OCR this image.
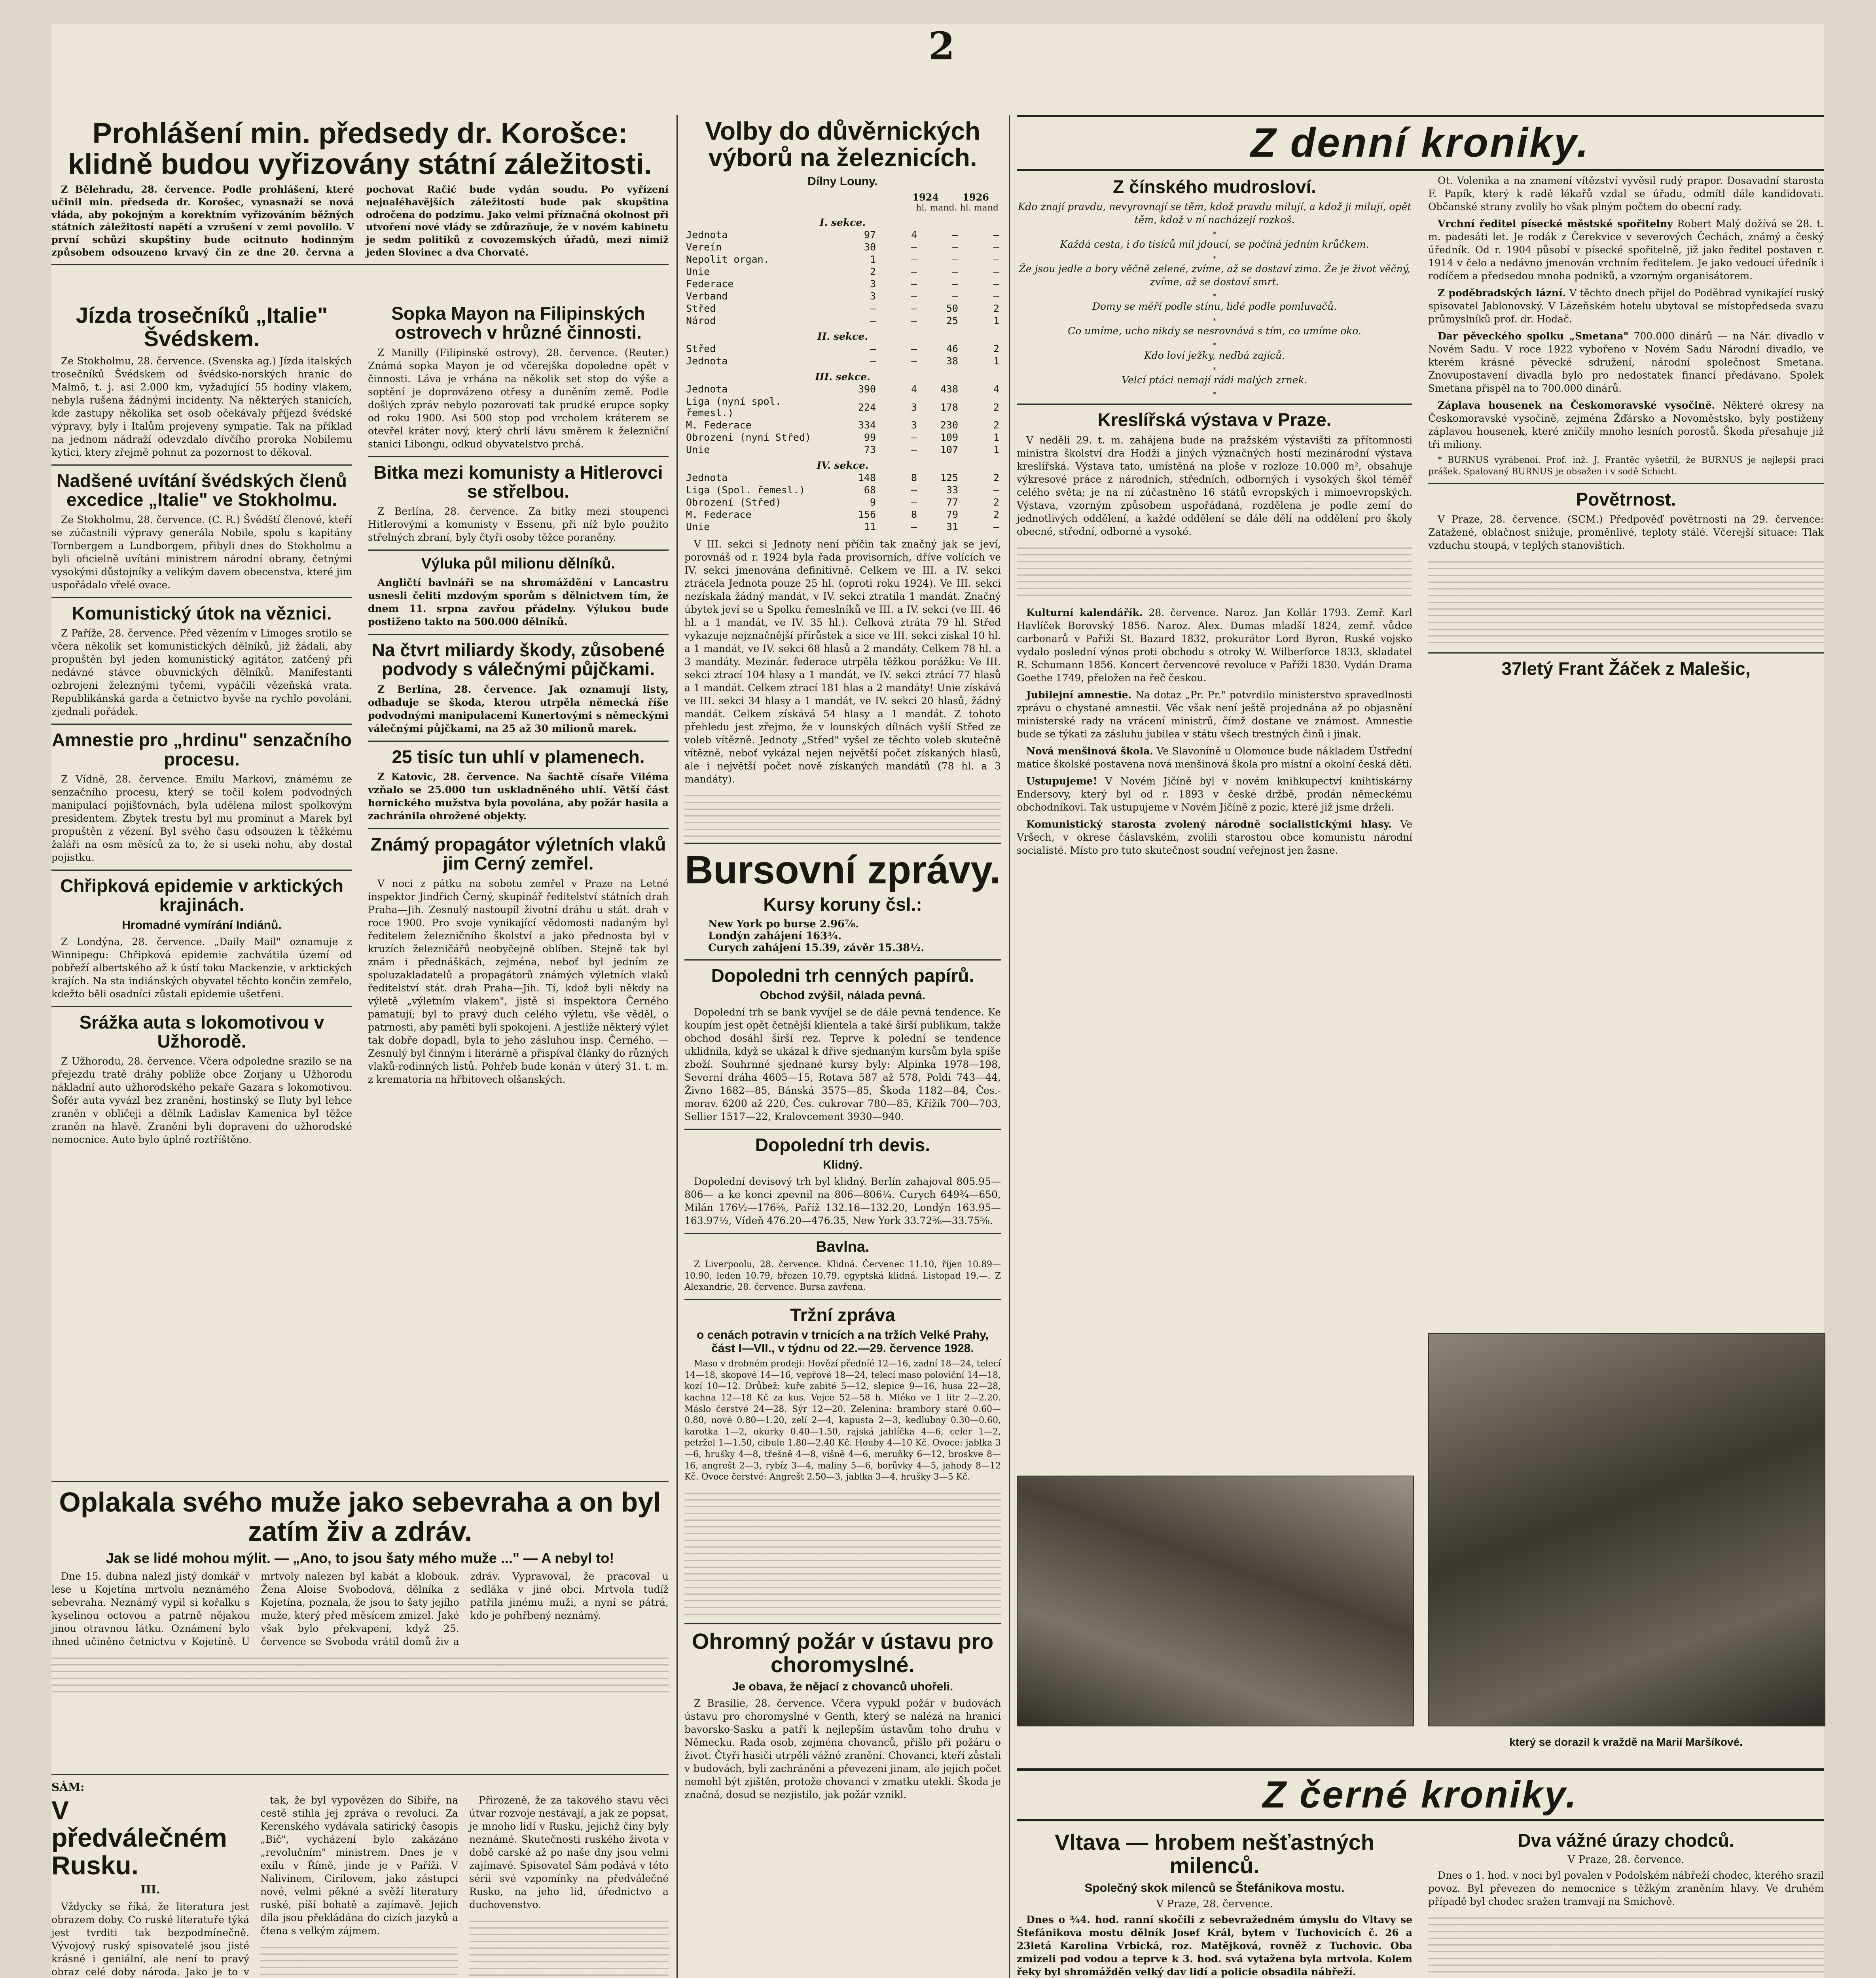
2
Prohlášení min. předsedy dr. Korošce: klidně budou vyřizovány státní záležitosti.
Z Bělehradu, 28. července. Podle prohlášení, které učinil min. předseda dr. Korošec, vynasnaží se nová vláda, aby pokojným a korektním vyřizováním běžných státních záležitostí napětí a vzrušení v zemi povolilo. V první schůzi skupštiny bude ocitnuto hodinným způsobem odsouzeno krvavý čin ze dne 20. června a pochovat Račić bude vydán soudu. Po vyřízení nejnaléhavějších záležitostí bude pak skupština odročena do podzimu. Jako velmi příznačná okolnost při utvoření nové vlády se zdůrazňuje, že v novém kabinetu je sedm politiků z covozemských úřadů, mezi nimiž jeden Slovinec a dva Chorvaté.
Jízda trosečníků „Italie" Švédskem.

Ze Stokholmu, 28. července. (Svenska ag.) Jízda italských trosečníků Švédskem od švédsko-norských hranic do Malmö, t. j. asi 2.000 km, vyžadující 55 hodiny vlakem, nebyla rušena žádnými incidenty. Na některých stanicích, kde zastupy několika set osob očekávaly příjezd švédské výpravy, byly i Italům projeveny sympatie. Tak na příklad na jednom nádraží odevzdalo dívčího proroka Nobilemu kytici, ktery zřejmě pohnut za pozornost to děkoval.

Nadšené uvítání švédských členů excedice „Italie" ve Stokholmu.

Ze Stokholmu, 28. července. (C. R.) Švédští členové, kteří se zúčastnili výpravy generála Nobile, spolu s kapitány Tornbergem a Lundborgem, přibyli dnes do Stokholmu a byli oficielně uvítáni ministrem národní obrany, četnými vysokými důstojníky a velikým davem obecenstva, které jim uspořádalo vřelé ovace.

Komunistický útok na věznici.

Z Paříže, 28. července. Před vězením v Limoges srotilo se včera několik set komunistických dělníků, již žádali, aby propuštěn byl jeden komunistický agitátor, zatčený při nedávné stávce obuvnických dělníků. Manifestanti ozbrojeni železnými tyčemi, vypáčili vězeňská vrata. Republikánská garda a četnictvo byvše na rychlo povoláni, zjednali pořádek.

Amnestie pro „hrdinu" senzačního procesu.

Z Vídně, 28. července. Emilu Markovi, známému ze senzačního procesu, který se točil kolem podvodných manipulací pojišťovnách, byla udělena milost spolkovým presidentem. Zbytek trestu byl mu prominut a Marek byl propuštěn z vězení. Byl svého času odsouzen k těžkému žaláři na osm měsíců za to, že si useki nohu, aby dostal pojistku.

Chřipková epidemie v arktických krajinách.
Hromadné vymírání Indiánů.

Z Londýna, 28. července. „Daily Mail" oznamuje z Winnipegu: Chřipková epidemie zachvátila území od pobřeží albertského až k ústí toku Mackenzie, v arktických krajích. Na sta indiánských obyvatel těchto končin zemřelo, kdežto běli osadníci zůstali epidemie ušetřeni.

Srážka auta s lokomotivou v Užhorodě.

Z Užhorodu, 28. července. Včera odpoledne srazilo se na přejezdu tratě dráhy poblíže obce Zorjany u Užhorodu nákladní auto užhorodského pekaře Gazara s lokomotivou. Šofér auta vyvázl bez zranění, hostinský se Iluty byl lehce zraněn v obličeji a dělník Ladislav Kamenica byl těžce zraněn na hlavě. Zraněni byli dopraveni do užhorodské nemocnice. Auto bylo úplně roztříštěno.

Sopka Mayon na Filipinských ostrovech v hrůzné činnosti.

Z Manilly (Filipinské ostrovy), 28. července. (Reuter.) Známá sopka Mayon je od včerejška dopoledne opět v činnosti. Láva je vrhána na několik set stop do výše a soptění je doprovázeno otřesy a duněním země. Podle došlých zpráv nebylo pozorovati tak prudké erupce sopky od roku 1900. Asi 500 stop pod vrcholem kráterem se otevřel kráter nový, který chrlí lávu směrem k železniční stanici Libongu, odkud obyvatelstvo prchá.

Bitka mezi komunisty a Hitlerovci se střelbou.

Z Berlína, 28. července. Za bitky mezi stoupenci Hitlerovými a komunisty v Essenu, při níž bylo použito střelných zbraní, byly čtyři osoby těžce poraněny.

Výluka půl milionu dělníků.

Angličtí bavlnáři se na shromáždění v Lancastru usnesli čeliti mzdovým sporům s dělnictvem tím, že dnem 11. srpna zavřou přádelny. Výlukou bude postiženo takto na 500.000 dělníků.

Na čtvrt miliardy škody, zůsobené podvody s válečnými půjčkami.

Z Berlína, 28. července. Jak oznamují listy, odhaduje se škoda, kterou utrpěla německá říše podvodnými manipulacemi Kunertovými s německými válečnými půjčkami, na 25 až 30 milionů marek.

25 tisíc tun uhlí v plamenech.

Z Katovic, 28. července. Na šachtě císaře Viléma vzňalo se 25.000 tun uskladněného uhlí. Větší část hornického mužstva byla povolána, aby požár hasila a zachránila ohrožené objekty.

Známý propagátor výletních vlaků jim Cerný zemřel.

V noci z pátku na sobotu zemřel v Praze na Letné inspektor Jindřich Černý, skupinář ředitelství státních drah Praha—Jih. Zesnulý nastoupil životní dráhu u stát. drah v roce 1900. Pro svoje vynikající vědomosti nadaným byl ředitelem železničního školství a jako přednosta byl v kruzích železničářů neobyčejně oblíben. Stejně tak byl znám i přednáškách, zejména, neboť byl jedním ze spoluzakladatelů a propagátorů známých výletních vlaků ředitelství stát. drah Praha—Jih. Tí, kdož byli někdy na výletě „výletním vlakem", jistě si inspektora Černého pamatují; byl to pravý duch celého výletu, vše věděl, o patrnosti, aby paměti byli spokojeni. A jestliže některý výlet tak dobře dopadl, byla to jeho zásluhou insp. Černého. — Zesnulý byl činným i literárně a přispíval články do různých vlaků-rodinných listů. Pohřeb bude konán v úterý 31. t. m. z krematoria na hřbitovech olšanských.

Oplakala svého muže jako sebevraha a on byl zatím živ a zdráv.
Jak se lidé mohou mýlit. — „Ano, to jsou šaty mého muže ..." — A nebyl to!

Dne 15. dubna nalezl jistý domkář v lese u Kojetína mrtvolu neznámého sebevraha. Neznámý vypil si kořalku s kyselinou octovou a patrně nějakou jinou otravnou látku. Oznámení bylo ihned učiněno četnictvu v Kojetíně. U mrtvoly nalezen byl kabát a klobouk. Žena Aloise Svobodová, dělníka z Kojetína, poznala, že jsou to šaty jejího muže, který před měsícem zmizel. Jaké však bylo překvapení, když 25. července se Svoboda vrátil domů živ a zdráv. Vypravoval, že pracoval u sedláka v jiné obci. Mrtvola tudíž patřila jinému muži, a nyní se pátrá, kdo je pohřbený neznámý.

SÁM:
V předválečném Rusku.
III.

Vždycky se říká, že literatura jest obrazem doby. Co ruské literatuře týká jest tvrditi tak bezpodmínečně. Vývojový ruský spisovatelé jsou jisté krásné i geniální, ale není to pravý obraz celé doby národa. Jako je to v

tak, že byl vypovězen do Sibiře, na cestě stihla jej zpráva o revoluci. Za Kerenského vydávala satirický časopis „Bič", vycházení bylo zakázáno „revolučním" ministrem. Dnes je v exilu v Římě, jinde je v Paříži. V Nalivinem, Cirilovem, jako zástupci nové, velmi pěkné a svěží literatury ruské, píší bohatě a zajímavě. Jejich díla jsou překládána do cizích jazyků a čtena s velkým zájmem.

Přirozeně, že za takového stavu věci útvar rozvoje nestávají, a jak ze popsat, je mnoho lidí v Rusku, jejichž činy byly neznámé. Skutečnosti ruského života v době carské až po naše dny jsou velmi zajímavé. Spisovatel Sám podává v této sérii své vzpomínky na předválečné Rusko, na jeho lid, úřednictvo a duchovenstvo.

Volby do důvěrnických výborů na železnicích.
Dílny Louny.
1924	1926
hl. mand. hl. mand
I. sekce.				
Jednota	97	4	—	—
Vereín	30	—	—	—
Nepolit organ.	1	—	—	—
Unie	2	—	—	—
Federace	3	—	—	—
Verband	3	—	—	—
Střed	—	—	50	2
Národ	—	—	25	1
II. sekce.				
Střed	—	—	46	2
Jednota	—	—	38	1
III. sekce.				
Jednota	390	4	438	4
Liga (nyní spol. řemesl.)	224	3	178	2
M. Federace	334	3	230	2
Obrozeni (nyní Střed)	99	—	109	1
Unie	73	—	107	1
IV. sekce.				
Jednota	148	8	125	2
Liga (Spol. řemesl.)	68	—	33	—
Obrození (Střed)	9	—	77	2
M. Federace	156	8	79	2
Unie	11	—	31	—

V III. sekci si Jednoty není příčin tak značný jak se jeví, porovnáš od r. 1924 byla řada provisorních, dříve volících ve IV. sekci jmenována definitivně. Celkem ve III. a IV. sekci ztrácela Jednota pouze 25 hl. (oproti roku 1924). Ve III. sekci nezískala žádný mandát, v IV. sekci ztratila 1 mandát. Značný úbytek jeví se u Spolku řemeslníků ve III. a IV. sekci (ve III. 46 hl. a 1 mandát, ve IV. 35 hl.). Celková ztráta 79 hl. Střed vykazuje nejznačnější přírůstek a sice ve III. sekci získal 10 hl. a 1 mandát, ve IV. sekci 68 hlasů a 2 mandáty. Celkem 78 hl. a 3 mandáty. Mezinár. federace utrpěla těžkou porážku: Ve III. sekci ztrací 104 hlasy a 1 mandát, ve IV. sekci ztrácí 77 hlasů a 1 mandát. Celkem ztrací 181 hlas a 2 mandáty! Unie získává ve III. sekci 34 hlasy a 1 mandát, ve IV. sekci 20 hlasů, žádný mandát. Celkem získává 54 hlasy a 1 mandát. Z tohoto přehledu jest zřejmo, že v lounských dílnách vyšlí Střed ze voleb vítězně. Jednoty „Střed" vyšel ze těchto voleb skutečně vítězně, neboť vykázal nejen největší počet získaných hlasů, ale i největší počet nově získaných mandátů (78 hl. a 3 mandáty).

Bursovní zprávy.
Kursy koruny čsl.:
New York po burse 2.96⅞.
Londýn zahájení 163¾.
Curych zahájení 15.39, závěr 15.38½.
Dopoledni trh cenných papírů.
Obchod zvýšil, nálada pevná.

Dopolední trh se bank vyvíjel se de dále pevná tendence. Ke koupím jest opět četnější klientela a také širší publikum, takže obchod dosáhl širší rez. Teprve k polední se tendence uklidnila, když se ukázal k dřive sjednaným kursům byla spíše zboží. Souhrnné sjednané kursy byly: Alpinka 1978—198, Severní dráha 4605—15, Rotava 587 až 578, Poldi 743—44, Živno 1682—85, Bánská 3575—85, Škoda 1182—84, Čes.-morav. 6200 až 220, Čes. cukrovar 780—85, Křížik 700—703, Sellier 1517—22, Kralovcement 3930—940.

Dopolední trh devis.
Klidný.

Dopolední devisový trh byl klidný. Berlín zahajoval 805.95—806— a ke konci zpevnil na 806—806¼. Curych 649¾—650, Milán 176½—176⅝, Paříž 132.16—132.20, Londýn 163.95—163.97½, Vídeň 476.20—476.35, New York 33.72⅝—33.75⅝.

Bavlna.

Z Liverpoolu, 28. července. Klidná. Červenec 11.10, říjen 10.89—10.90, leden 10.79, březen 10.79. egyptská klidná. Listopad 19.—. Z Alexandrie, 28. července. Bursa zavřena.

Tržní zpráva
o cenách potravin v trnicích a na tržích Velké Prahy, část I—VII., v týdnu od 22.—29. července 1928.

Maso v drobném prodeji: Hovězí předníé 12—16, zadní 18—24, telecí 14—18, skopové 14—16, vepřové 18—24, telecí maso poloviční 14—18, kozí 10—12. Drůbež: kuře zabité 5—12, slepice 9—16, husa 22—28, kachna 12—18 Kč za kus. Vejce 52—58 h. Mléko ve 1 litr 2—2.20. Máslo čerstvé 24—28. Sýr 12—20. Zelenina: brambory staré 0.60—0.80, nové 0.80—1.20, zelí 2—4, kapusta 2—3, kedlubny 0.30—0.60, karotka 1—2, okurky 0.40—1.50, rajská jablíčka 4—6, celer 1—2, petržel 1—1.50, cibule 1.80—2.40 Kč. Houby 4—10 Kč. Ovoce: jablka 3—6, hrušky 4—8, třešně 4—8, višně 4—6, meruňky 6—12, broskve 8—16, angrešt 2—3, rybíz 3—4, maliny 5—6, borůvky 4—5, jahody 8—12 Kč. Ovoce čerstvé: Angrešt 2.50—3, jablka 3—4, hrušky 3—5 Kč.

Ohromný požár v ústavu pro choromyslné.
Je obava, že nějací z chovanců uhořeli.

Z Brasilie, 28. července. Včera vypukl požár v budovách ústavu pro choromyslné v Genth, který se nalézá na hranici bavorsko-Sasku a patří k nejlepším ústavům toho druhu v Německu. Rada osob, zejména chovanců, přišlo při požáru o život. Čtyři hasiči utrpěli vážné zranění. Chovanci, kteří zůstali v budovách, byli zachráněni a převezeni jinam, ale jejich počet nemohl být zjištěn, protože chovanci v zmatku utekli. Škoda je značná, dosud se nezjistilo, jak požár vznikl.

Z denní kroniky.
Z čínského mudrosloví.

Kdo znají pravdu, nevyrovnají se těm, kdož pravdu milují, a kdož ji milují, opět těm, kdož v ní nacházejí rozkoš.

*

Každá cesta, i do tisíců mil jdoucí, se počíná jedním krůčkem.

*

Že jsou jedle a bory věčně zelené, zvíme, až se dostaví zima. Že je život věčný, zvíme, až se dostaví smrt.

*

Domy se měří podle stínu, lidé podle pomluvačů.

*

Co umíme, ucho nikdy se nesrovnává s tím, co umíme oko.

*

Kdo loví ježky, nedbá zajíců.

*

Velcí ptáci nemají rádi malých zrnek.

*
Kreslířská výstava v Praze.

V neděli 29. t. m. zahájena bude na pražském výstavišti za přítomnosti ministra školství dra Hodži a jiných význačných hostí mezinárodní výstava kreslířská. Výstava tato, umístěná na ploše v rozloze 10.000 m², obsahuje výkresové práce z národních, středních, odborných i vysokých škol téměř celého světa; je na ní zúčastněno 16 států evropských i mimoevropských. Výstava, vzorným způsobem uspořádaná, rozdělena je podle zemí do jednotlivých oddělení, a každé oddělení se dále dělí na oddělení pro školy obecné, střední, odborné a vysoké.

Kulturní kalendářík. 28. července. Naroz. Jan Kollár 1793. Zemř. Karl Havlíček Borovský 1856. Naroz. Alex. Dumas mladší 1824, zemř. vůdce carbonarů v Pařiži St. Bazard 1832, prokurátor Lord Byron, Ruské vojsko vydalo poslední výnos proti obchodu s otroky W. Wilberforce 1833, skladatel R. Schumann 1856. Koncert červencové revoluce v Paříži 1830. Vydán Drama Goethe 1749, přeložen na řeč českou.

Jubilejní amnestie. Na dotaz „Pr. Pr." potvrdilo ministerstvo spravedlnosti zprávu o chystané amnestii. Věc však není ještě projednána až po objasnění ministerské rady na vrácení ministrů, čímž dostane ve známost. Amnestie bude se týkati za zásluhu jubilea v státu všech trestných činů i jinak.

Nová menšinová škola. Ve Slavoníně u Olomouce bude nákladem Ústřední matice školské postavena nová menšinová škola pro místní a okolní česká děti.

Ustupujeme! V Novém Jičíně byl v novém knihkupectví knihtiskárny Endersovy, který byl od r. 1893 v české držbě, prodán německému obchodníkovi. Tak ustupujeme v Novém Jičíně z pozic, které již jsme drželi.

Komunistický starosta zvolený národně socialistickými hlasy. Ve Vršech, v okrese čáslavském, zvolili starostou obce komunistu národní socialisté. Místo pro tuto skutečnost soudní veřejnost jen žasne.

Ot. Volenika a na znamení vítězství vyvěsil rudý prapor. Dosavadní starosta F. Papík, který k radě lékařů vzdal se úřadu, odmítl dále kandidovati. Občanské strany zvolily ho však plným počtem do obecní rady.

Vrchní ředitel písecké městské spořitelny Robert Malý dožívá se 28. t. m. padesáti let. Je rodák z Čerekvice v severových Čechách, známý a český úředník. Od r. 1904 působí v písecké spořitelně, již jako ředitel postaven r. 1914 v čelo a nedávno jmenován vrchním ředitelem. Je jako vedoucí úředník i rodíčem a předsedou mnoha podniků, a vzorným organisátorem.

Z poděbradských lázní. V těchto dnech přijel do Poděbrad vynikající ruský spisovatel Jablonovský. V Lázeňském hotelu ubytoval se místopředseda svazu průmyslníků prof. dr. Hodač.

Dar pěveckého spolku „Smetana" 700.000 dinárů — na Nár. divadlo v Novém Sadu. V roce 1922 vybořeno v Novém Sadu Národní divadlo, ve kterém krásné pěvecké sdružení, národní společnost Smetana. Znovupostavení divadla bylo pro nedostatek financí předávano. Spolek Smetana přispěl na to 700.000 dinárů.

Záplava housenek na Českomoravské vysočině. Některé okresy na Českomoravské vysočině, zejména Žďársko a Novoměstsko, byly postiženy záplavou housenek, které zničily mnoho lesních porostů. Škoda přesahuje již tři miliony.

* BURNUS vyrábenoí. Prof. inž. J. Frantěc vyšetřil, že BURNUS je nejlepší prací prášek. Spalovaný BURNUS je obsažen i v sodě Schicht.

Povětrnost.

V Praze, 28. července. (SCM.) Předpověď povětrnosti na 29. července: Zatažené, oblačnost snižuje, proměnlivé, teploty stálé. Včerejší situace: Tlak vzduchu stoupá, v teplých stanovištích.

37letý Frant Žáček z Malešic,
který se dorazil k vraždě na Marií Maršíkové.
Z černé kroniky.
Vltava — hrobem nešťastných milenců.
Společný skok milenců se Štefánikova mostu.
V Praze, 28. července.

Dnes o ¾4. hod. ranní skočili z sebevražedném úmyslu do Vltavy se Štefánikova mostu dělník Josef Král, bytem v Tuchovicích č. 26 a 23letá Karolina Vrbická, roz. Matějková, rovněž z Tuchovic. Oba zmizeli pod vodou a teprve k 3. hod. svá vytažena byla mrtvola. Kolem řeky byl shromážděn velký dav lidí a policie obsadila nábřeží.

Dva vážné úrazy chodců.
V Praze, 28. července.

Dnes o 1. hod. v noci byl povalen v Podolském nábřeží chodec, kterého srazil povoz. Byl převezen do nemocnice s těžkým zraněním hlavy. Ve druhém případě byl chodec sražen tramvají na Smíchově.
